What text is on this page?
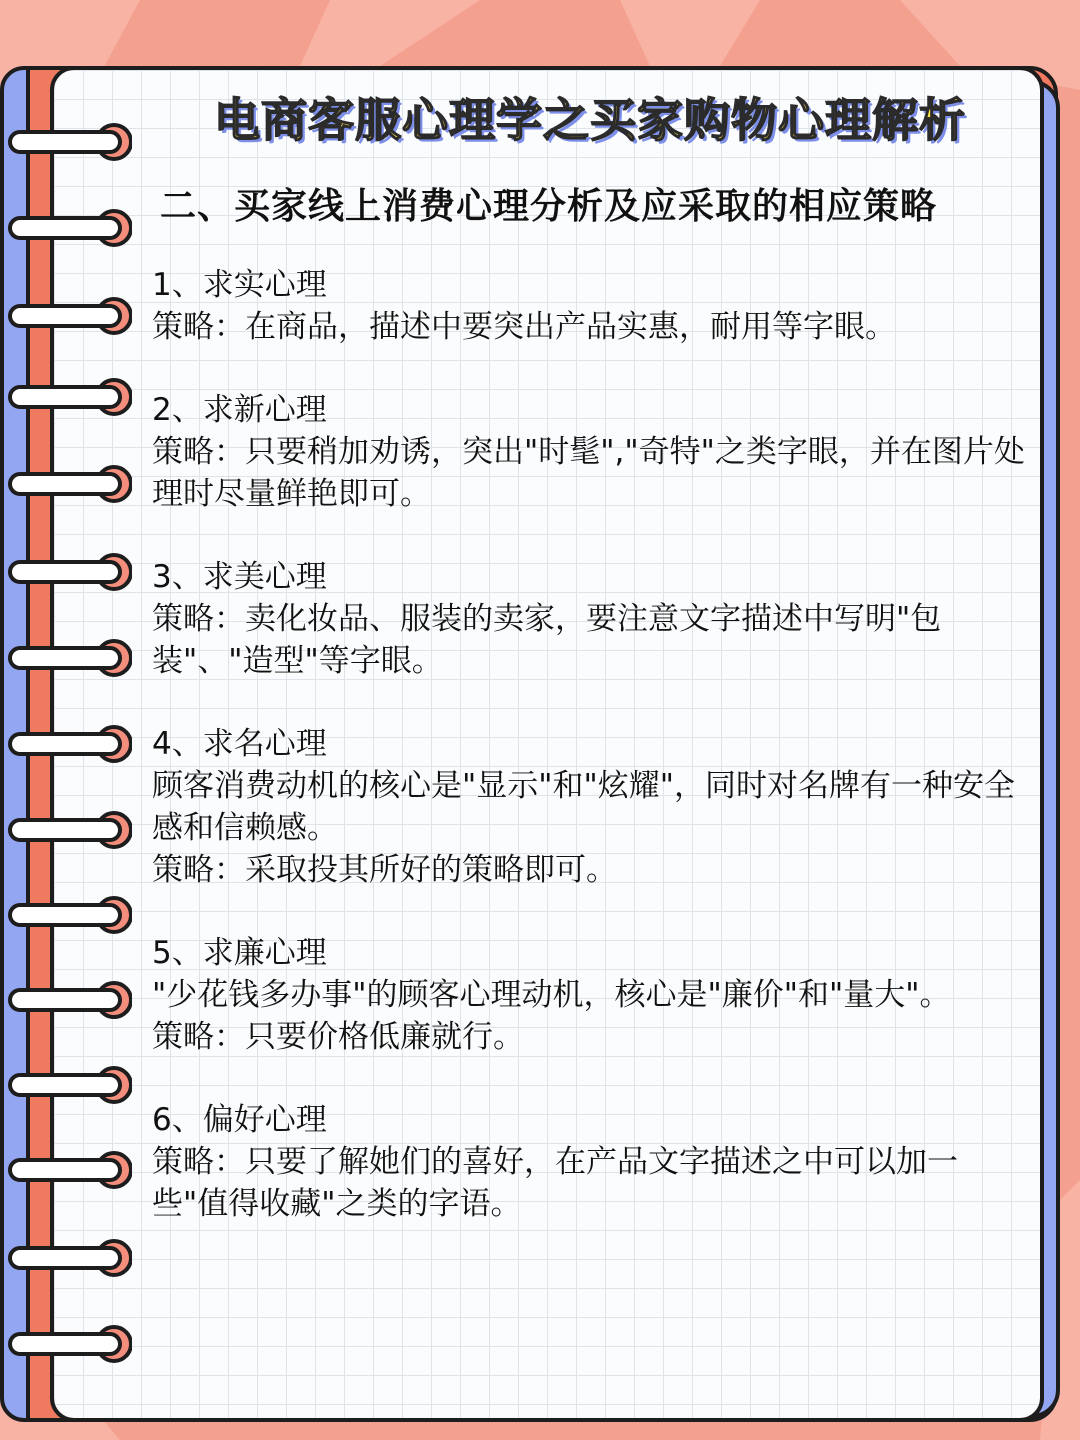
电商客服心理学之买家购物心理解析
二、买家线上消费心理分析及应采取的相应策略

1、求实心理

策略：在商品，描述中要突出产品实惠，耐用等字眼。

2、求新心理

策略：只要稍加劝诱，突出"时髦","奇特"之类字眼，并在图片处理时尽量鲜艳即可。

3、求美心理

策略：卖化妆品、服装的卖家，要注意文字描述中写明"包装"、"造型"等字眼。

4、求名心理

顾客消费动机的核心是"显示"和"炫耀"，同时对名牌有一种安全感和信赖感。

策略：采取投其所好的策略即可。

5、求廉心理

"少花钱多办事"的顾客心理动机，核心是"廉价"和"量大"。

策略：只要价格低廉就行。

6、偏好心理

策略：只要了解她们的喜好，在产品文字描述之中可以加一些"值得收藏"之类的字语。
